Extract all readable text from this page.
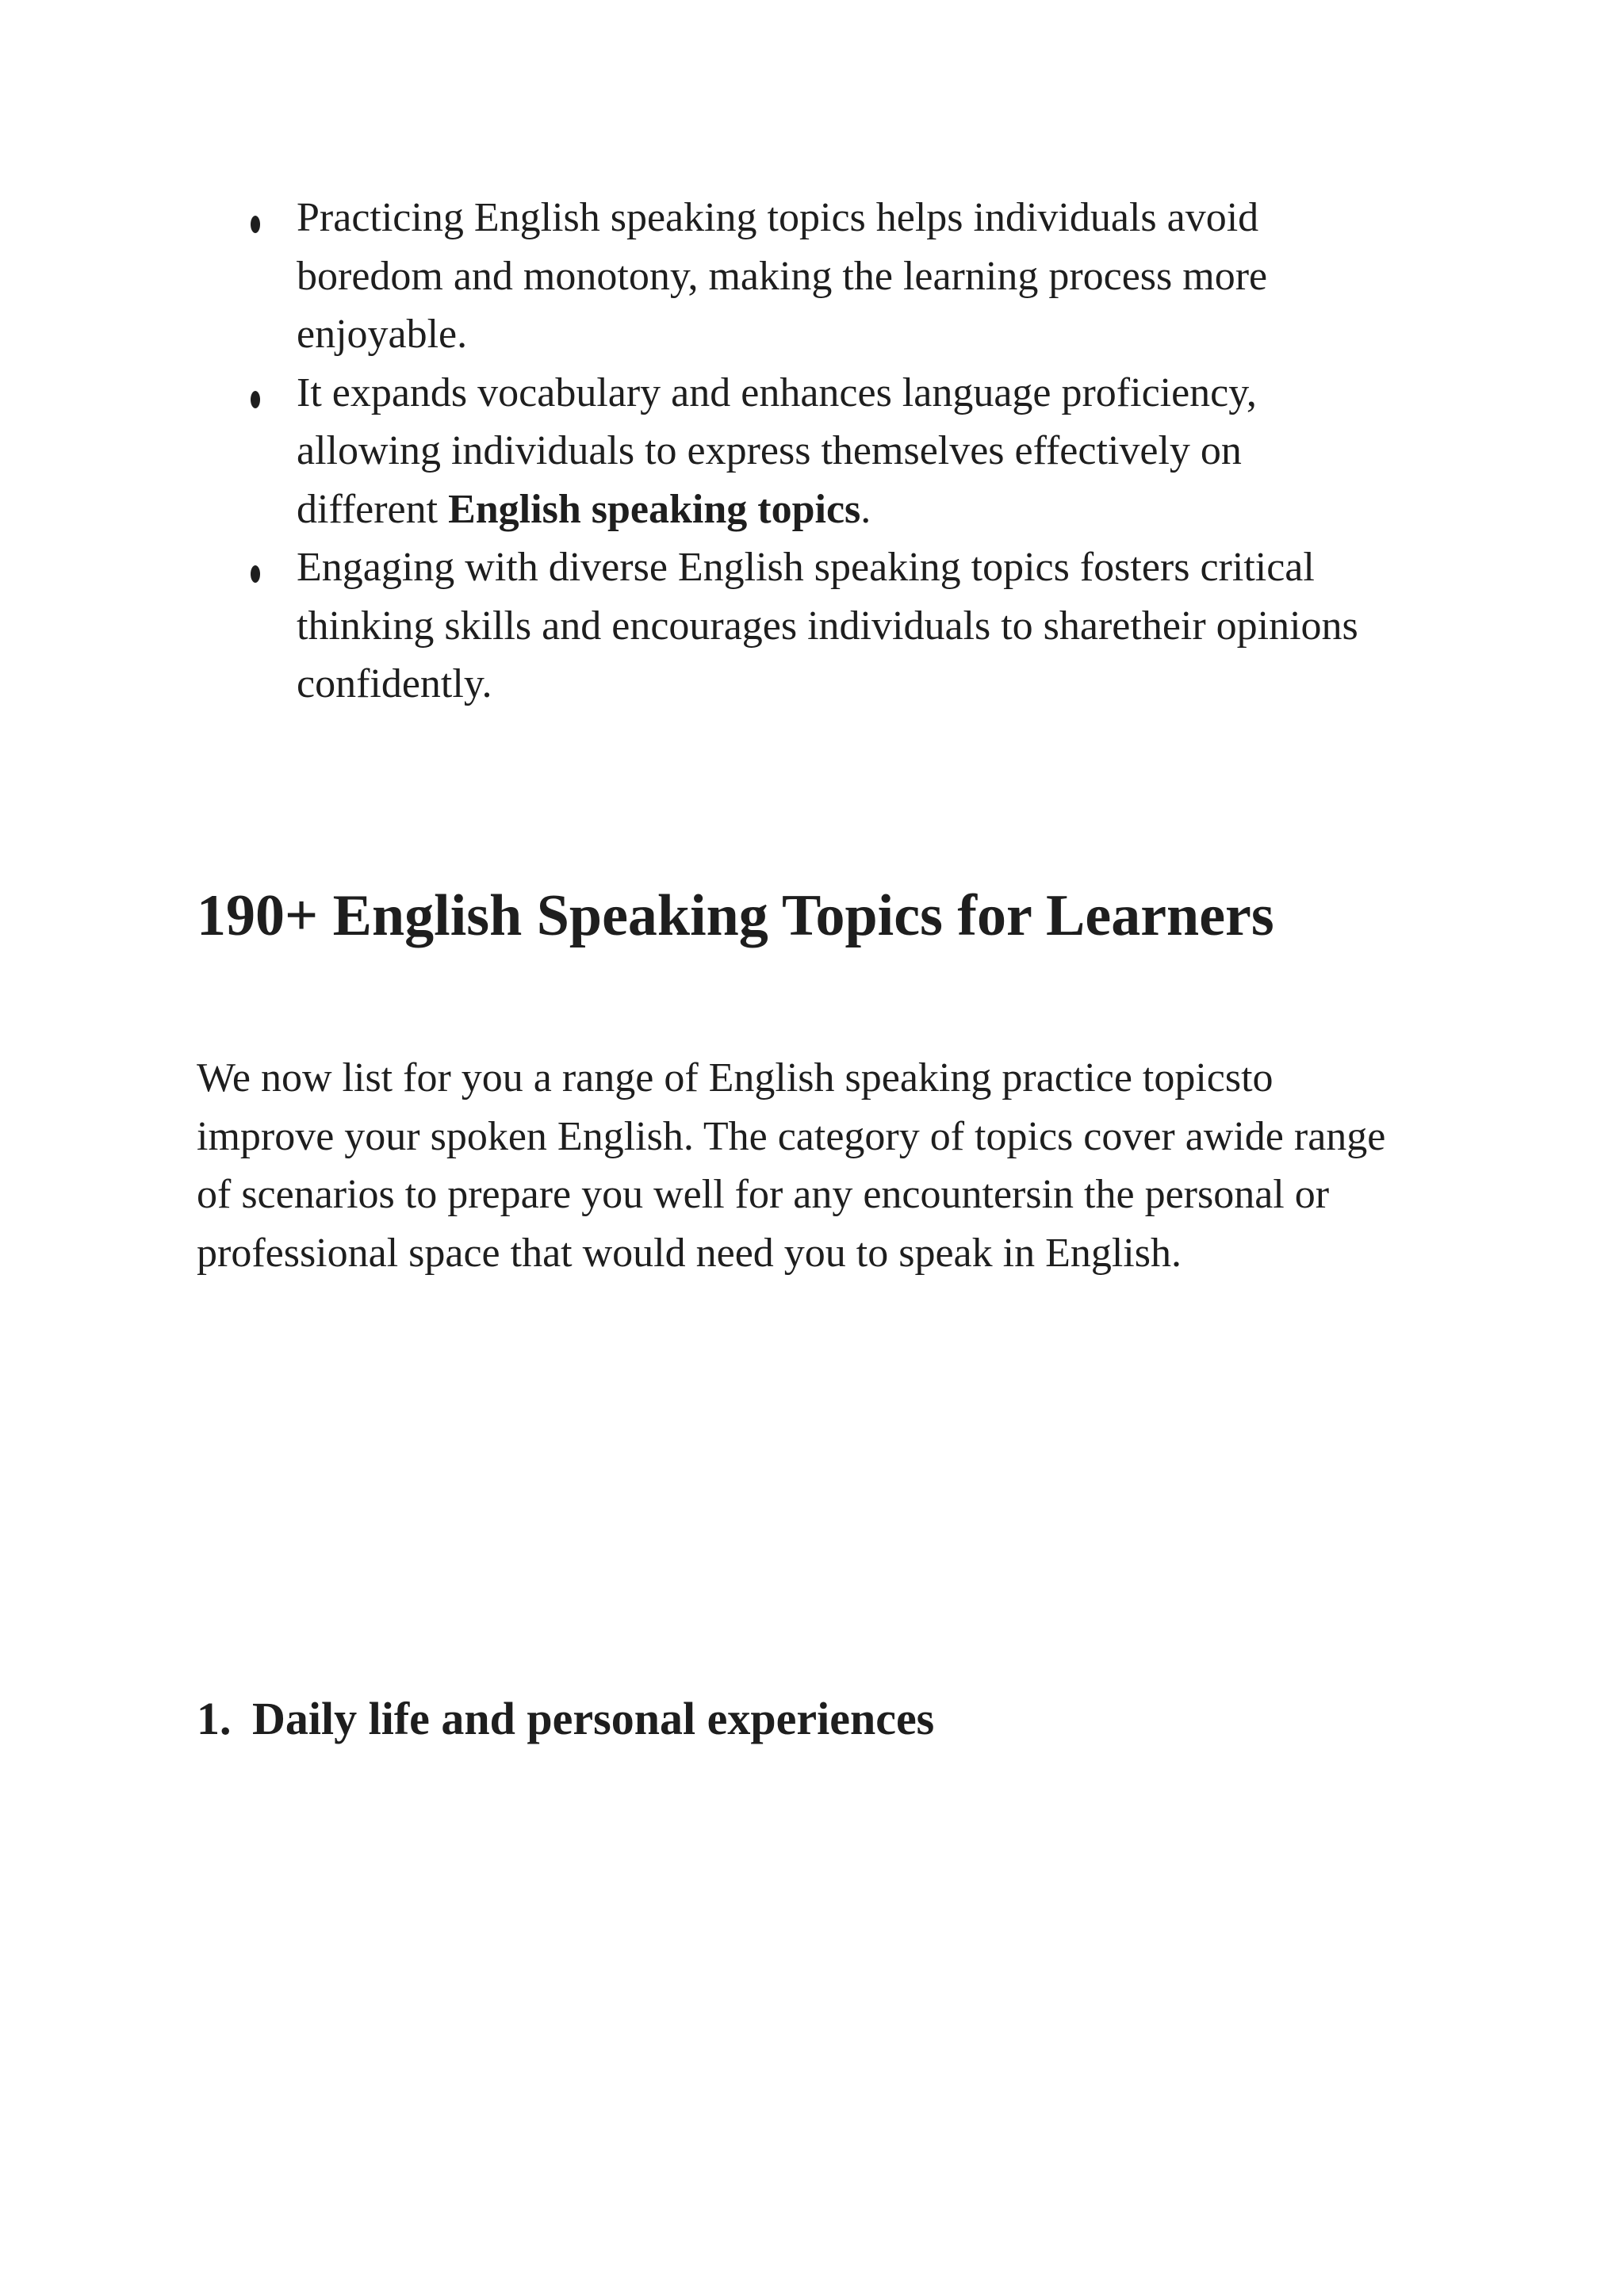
Practicing English speaking topics helps individuals avoid
boredom and monotony, making the learning process more
enjoyable.
It expands vocabulary and enhances language proficiency,
allowing individuals to express themselves effectively on
different English speaking topics.
Engaging with diverse English speaking topics fosters critical
thinking skills and encourages individuals to sharetheir opinions
confidently.
190+ English Speaking Topics for Learners

We now list for you a range of English speaking practice topicsto
improve your spoken English. The category of topics cover awide range
of scenarios to prepare you well for any encountersin the personal or
professional space that would need you to speak in English.

1. Daily life and personal experiences
